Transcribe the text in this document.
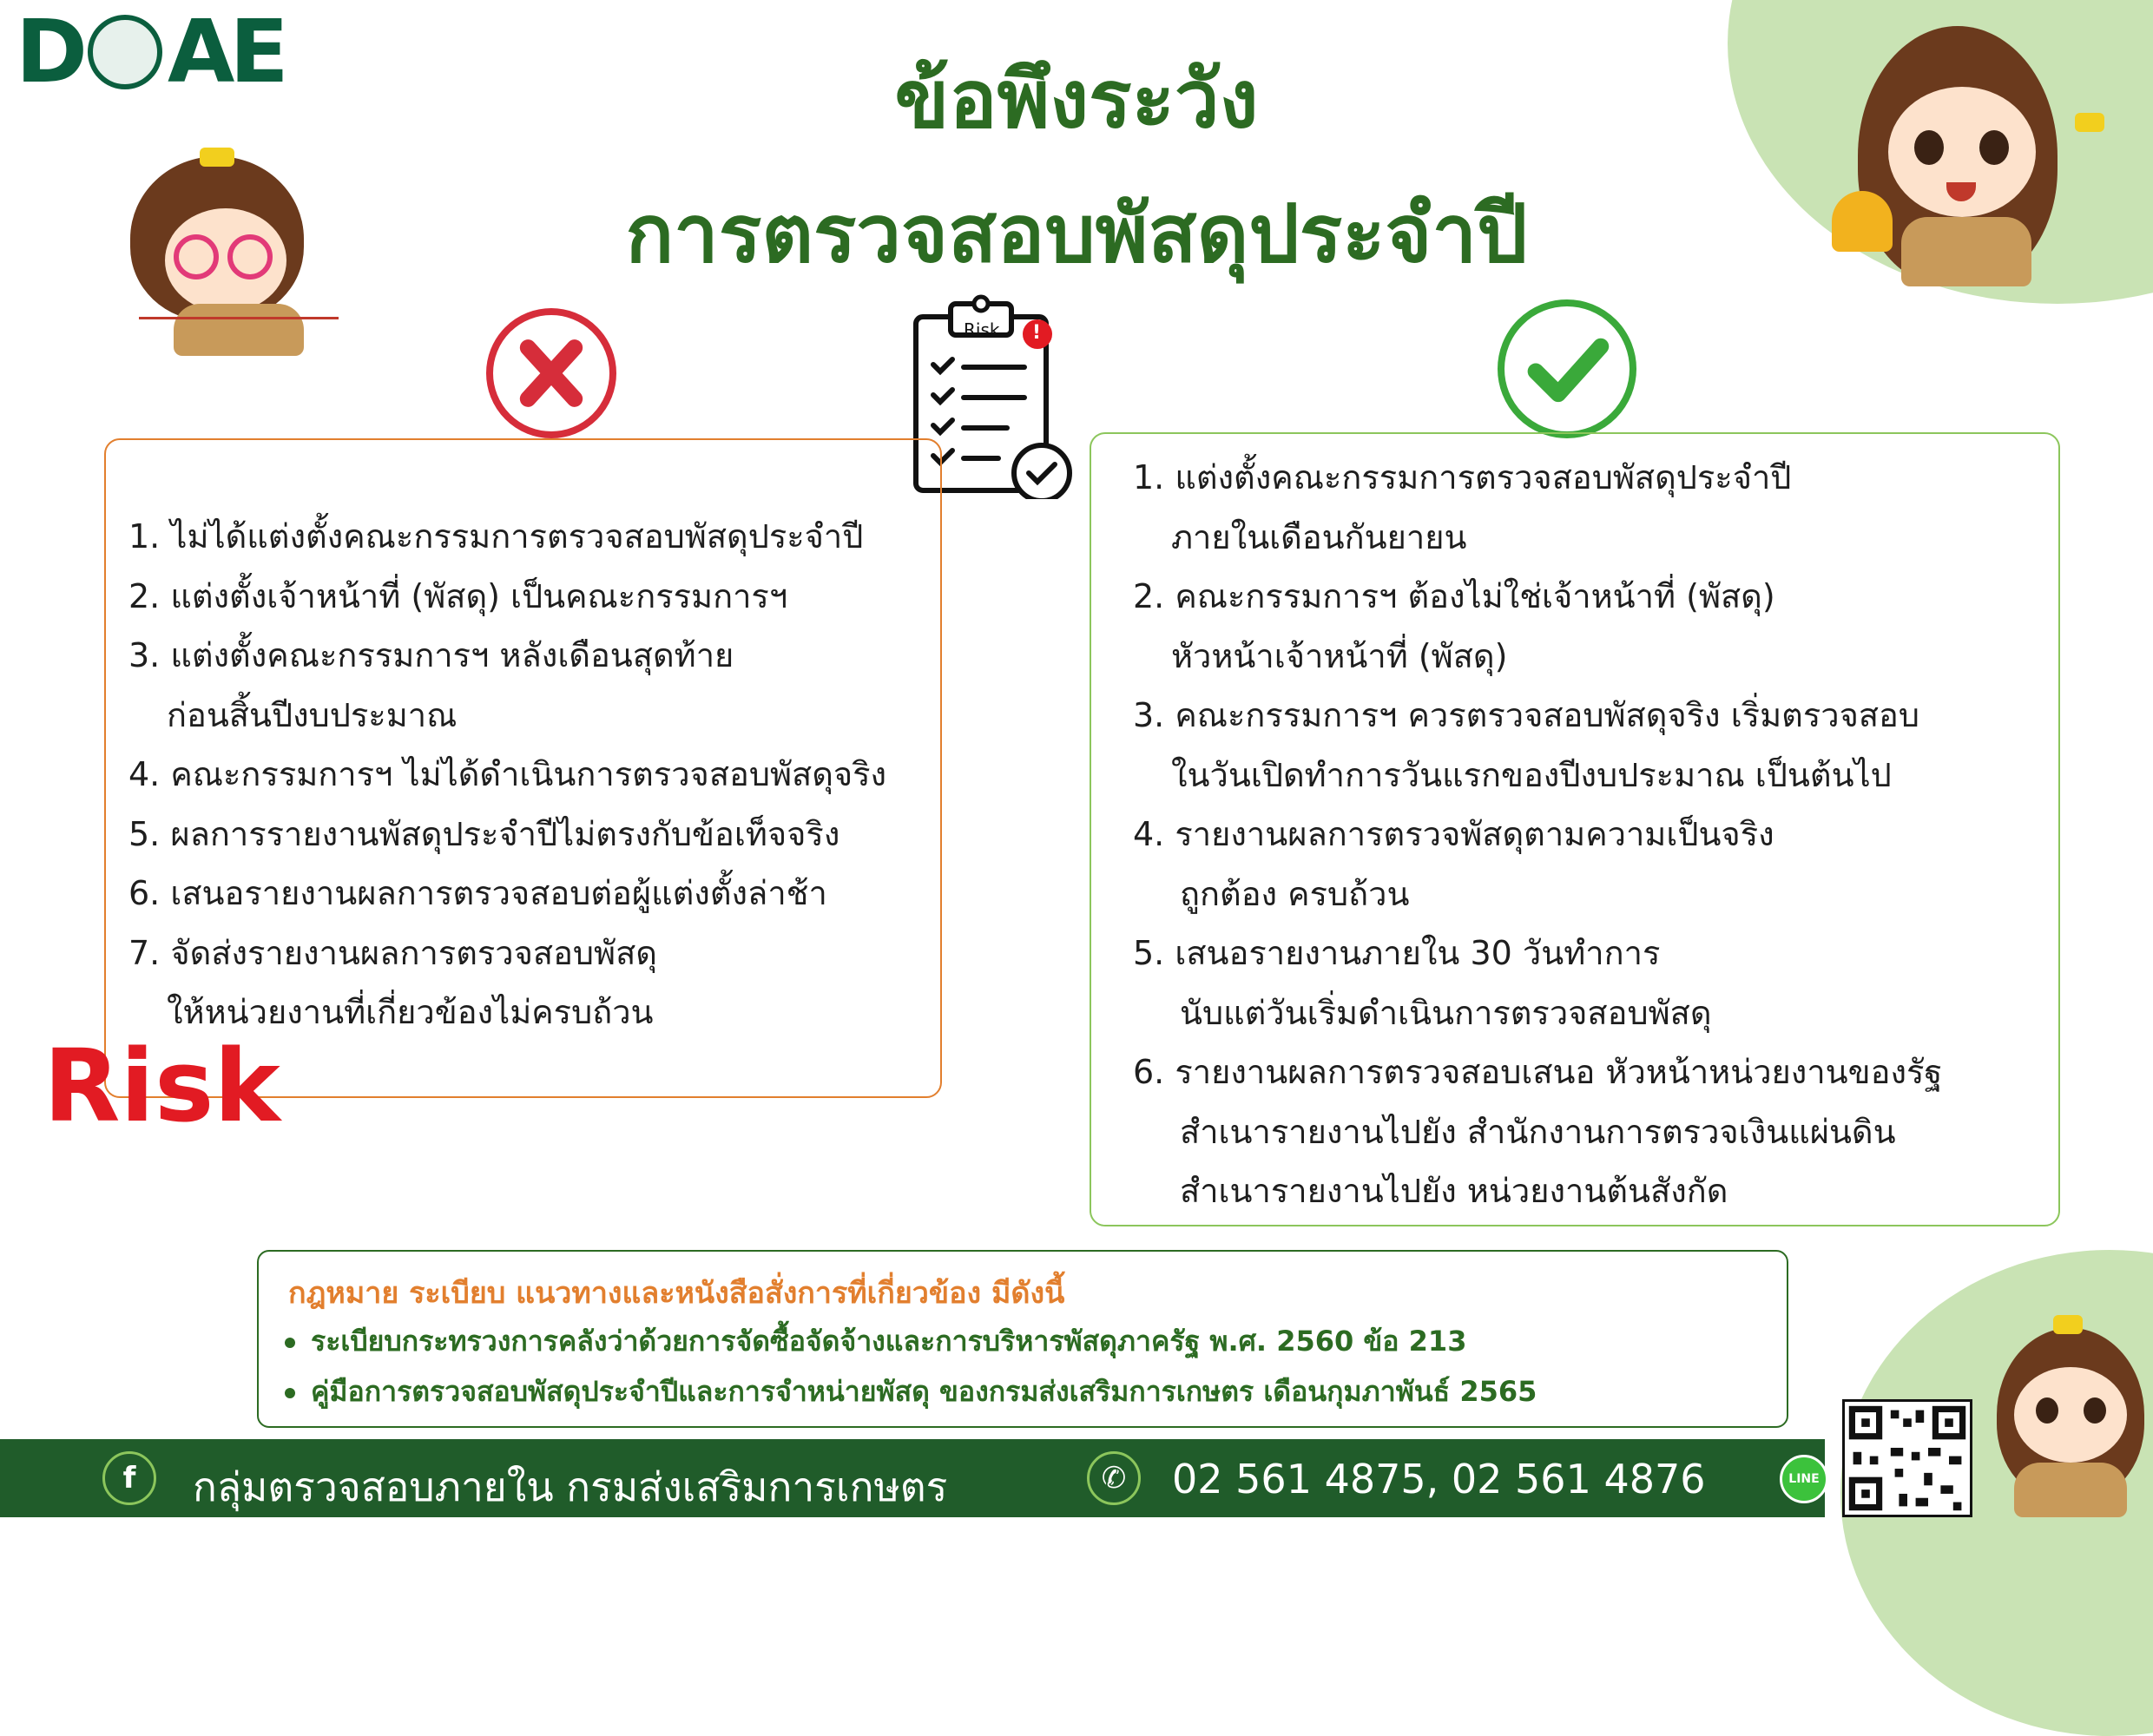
D AE	ข้อพึงระวัง
การตรวจสอบพัสดุประจำปี
Risk !
1. ไม่ได้แต่งตั้งคณะกรรมการตรวจสอบพัสดุประจำปี
2. แต่งตั้งเจ้าหน้าที่ (พัสดุ) เป็นคณะกรรมการฯ
3. แต่งตั้งคณะกรรมการฯ หลังเดือนสุดท้าย
ก่อนสิ้นปีงบประมาณ
4. คณะกรรมการฯ ไม่ได้ดำเนินการตรวจสอบพัสดุจริง
5. ผลการรายงานพัสดุประจำปีไม่ตรงกับข้อเท็จจริง
6. เสนอรายงานผลการตรวจสอบต่อผู้แต่งตั้งล่าช้า
7. จัดส่งรายงานผลการตรวจสอบพัสดุ
ให้หน่วยงานที่เกี่ยวข้องไม่ครบถ้วน
Risk
1. แต่งตั้งคณะกรรมการตรวจสอบพัสดุประจำปี
ภายในเดือนกันยายน
2. คณะกรรมการฯ ต้องไม่ใช่เจ้าหน้าที่ (พัสดุ)
หัวหน้าเจ้าหน้าที่ (พัสดุ)
3. คณะกรรมการฯ ควรตรวจสอบพัสดุจริง เริ่มตรวจสอบ
ในวันเปิดทำการวันแรกของปีงบประมาณ เป็นต้นไป
4. รายงานผลการตรวจพัสดุตามความเป็นจริง
ถูกต้อง ครบถ้วน
5. เสนอรายงานภายใน 30 วันทำการ
นับแต่วันเริ่มดำเนินการตรวจสอบพัสดุ
6. รายงานผลการตรวจสอบเสนอ หัวหน้าหน่วยงานของรัฐ
สำเนารายงานไปยัง สำนักงานการตรวจเงินแผ่นดิน
สำเนารายงานไปยัง หน่วยงานต้นสังกัด
กฎหมาย ระเบียบ แนวทางและหนังสือสั่งการที่เกี่ยวข้อง มีดังนี้
ระเบียบกระทรวงการคลังว่าด้วยการจัดซื้อจัดจ้างและการบริหารพัสดุภาครัฐ พ.ศ. 2560 ข้อ 213
คู่มือการตรวจสอบพัสดุประจำปีและการจำหน่ายพัสดุ ของกรมส่งเสริมการเกษตร เดือนกุมภาพันธ์ 2565
f	กลุ่มตรวจสอบภายใน กรมส่งเสริมการเกษตร	✆	02 561 4875, 02 561 4876	LINE
